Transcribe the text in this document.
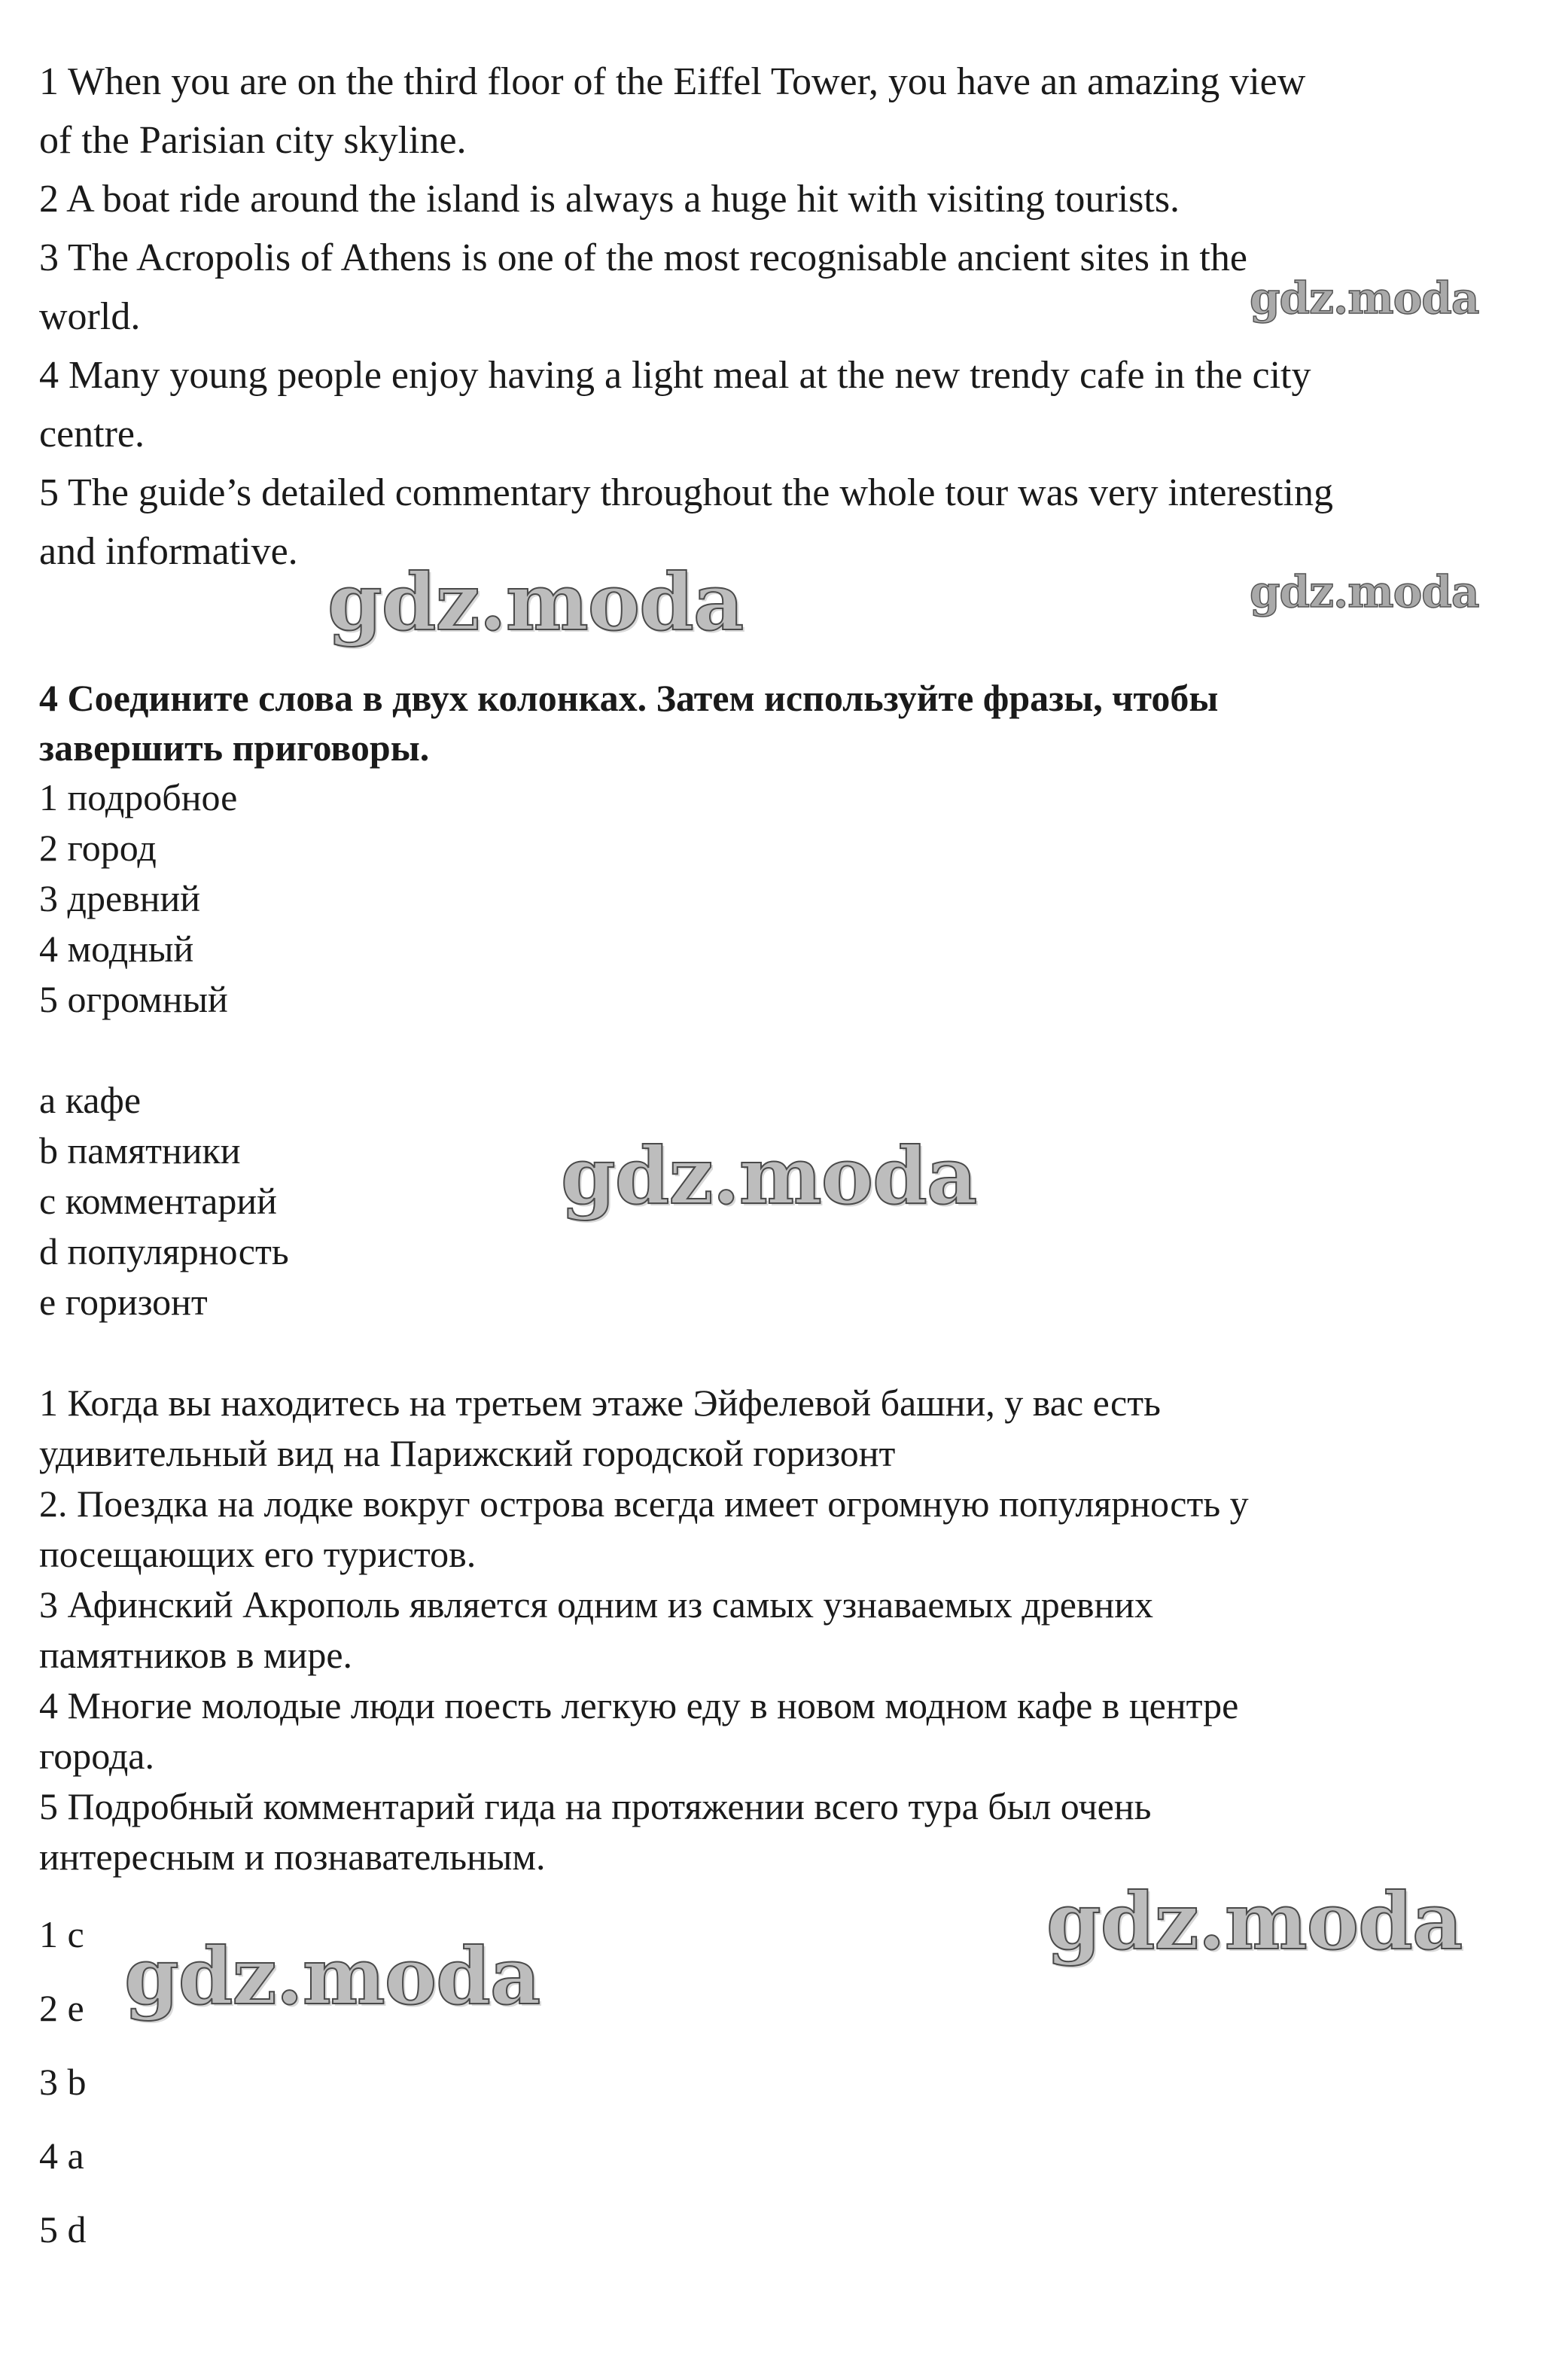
1 When you are on the third floor of the Eiffel Tower, you have an amazing view
of the Parisian city skyline.

2 A boat ride around the island is always a huge hit with visiting tourists.

3 The Acropolis of Athens is one of the most recognisable ancient sites in the
world.

4 Many young people enjoy having a light meal at the new trendy cafe in the city
centre.

5 The guide’s detailed commentary throughout the whole tour was very interesting
and informative.

4 Соедините слова в двух колонках. Затем используйте фразы, чтобы
завершить приговоры.
1 подробное
2 город
3 древний
4 модный
5 огромный
a кафе
b памятники
c комментарий
d популярность
e горизонт
1 Когда вы находитесь на третьем этаже Эйфелевой башни, у вас есть
удивительный вид на Парижский городской горизонт
2. Поездка на лодке вокруг острова всегда имеет огромную популярность у
посещающих его туристов.
3 Афинский Акрополь является одним из самых узнаваемых древних
памятников в мире.
4 Многие молодые люди поесть легкую еду в новом модном кафе в центре
города.
5 Подробный комментарий гида на протяжении всего тура был очень
интересным и познавательным.
1 c
2 e
3 b
4 a
5 d
gdz.moda
gdz.moda	gdz.moda
gdz.moda
gdz.moda
gdz.moda
